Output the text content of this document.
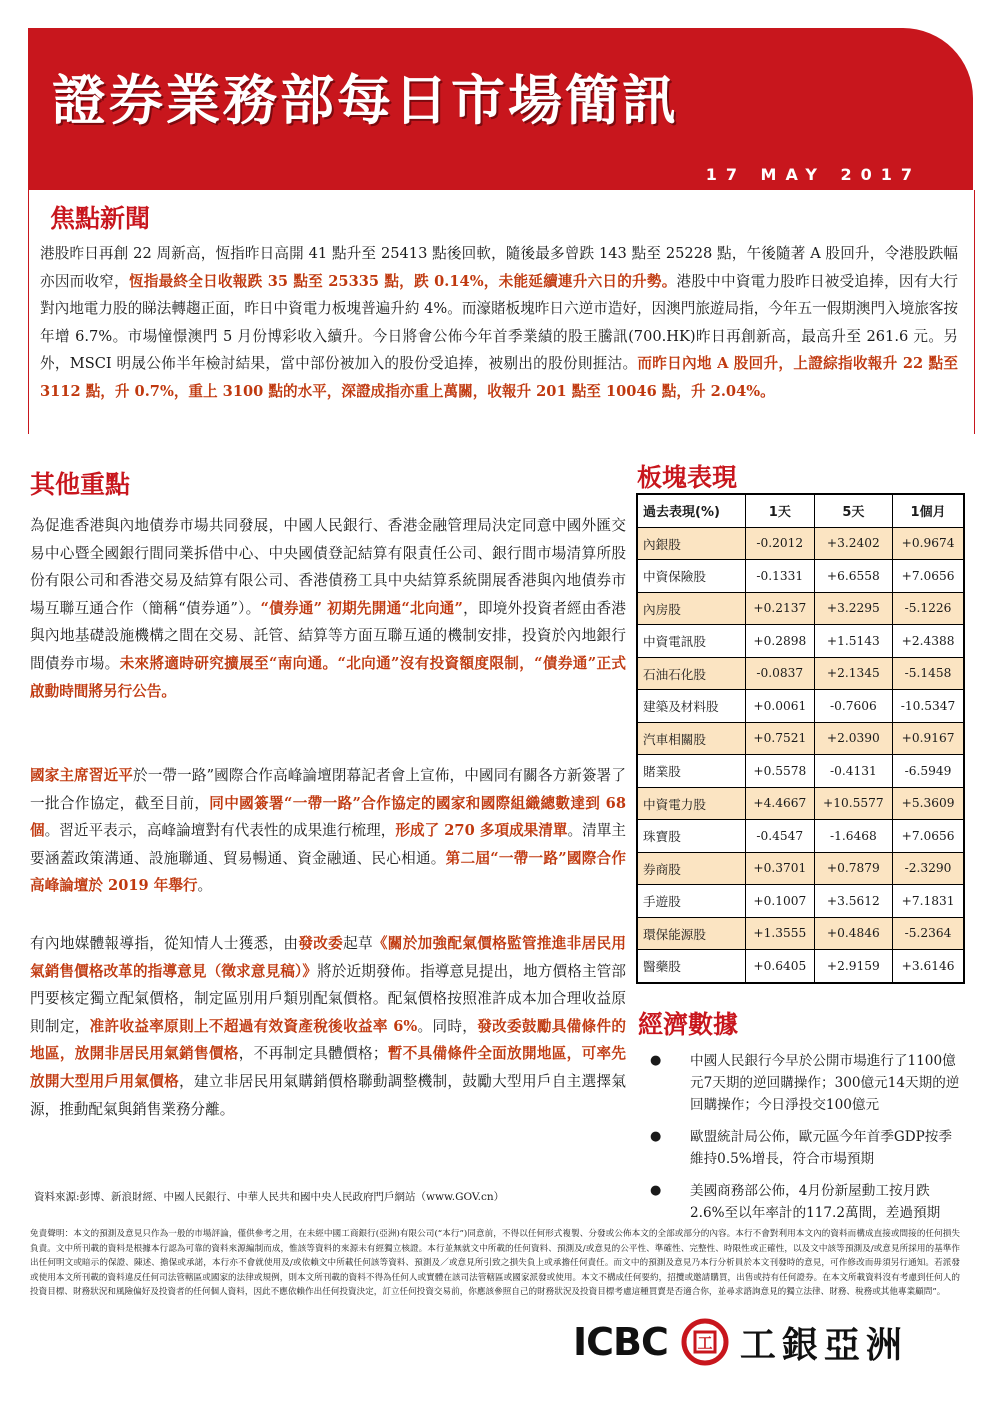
證券業務部每日市場簡訊
17 MAY 2017
焦點新聞
港股昨日再創 22 周新高，恆指昨日高開 41 點升至 25413 點後回軟，隨後最多曾跌 143 點至 25228 點，午後隨著 A 股回升，令港股跌幅亦因而收窄，恆指最終全日收報跌 35 點至 25335 點，跌 0.14%，未能延續連升六日的升勢。港股中中資電力股昨日被受追捧，因有大行對內地電力股的睇法轉趨正面，昨日中資電力板塊普遍升約 4%。而濠賭板塊昨日六逆市造好，因澳門旅遊局指，今年五一假期澳門入境旅客按年增 6.7%。市場憧憬澳門 5 月份博彩收入續升。今日將會公佈今年首季業績的股王騰訊(700.HK)昨日再創新高，最高升至 261.6 元。另外，MSCI 明晟公佈半年檢討結果，當中部份被加入的股份受追捧，被剔出的股份則捱沽。而昨日內地 A 股回升，上證綜指收報升 22 點至 3112 點，升 0.7%，重上 3100 點的水平，深證成指亦重上萬關，收報升 201 點至 10046 點，升 2.04%。
其他重點
為促進香港與內地債券市場共同發展，中國人民銀行、香港金融管理局決定同意中國外匯交易中心暨全國銀行間同業拆借中心、中央國債登記結算有限責任公司、銀行間市場清算所股份有限公司和香港交易及結算有限公司、香港債務工具中央結算系統開展香港與內地債券市場互聯互通合作（簡稱“債券通”）。“債券通” 初期先開通“北向通”，即境外投資者經由香港與內地基礎設施機構之間在交易、託管、結算等方面互聯互通的機制安排，投資於內地銀行間債券市場。未來將適時研究擴展至“南向通。“北向通”沒有投資額度限制，“債券通”正式啟動時間將另行公告。
國家主席習近平於一帶一路”國際合作高峰論壇閉幕記者會上宣佈，中國同有關各方新簽署了一批合作協定，截至目前，同中國簽署“一帶一路”合作協定的國家和國際組織總數達到 68 個。習近平表示，高峰論壇對有代表性的成果進行梳理，形成了 270 多項成果清單。清單主要涵蓋政策溝通、設施聯通、貿易暢通、資金融通、民心相通。第二屆“一帶一路”國際合作高峰論壇於 2019 年舉行。
有內地媒體報導指，從知情人士獲悉，由發改委起草《關於加強配氣價格監管推進非居民用氣銷售價格改革的指導意見（徵求意見稿）》將於近期發佈。指導意見提出，地方價格主管部門要核定獨立配氣價格，制定區別用戶類別配氣價格。配氣價格按照准許成本加合理收益原則制定，准許收益率原則上不超過有效資產稅後收益率 6%。同時，發改委鼓勵具備條件的地區，放開非居民用氣銷售價格，不再制定具體價格；暫不具備條件全面放開地區，可率先放開大型用戶用氣價格，建立非居民用氣購銷價格聯動調整機制，鼓勵大型用戶自主選擇氣源，推動配氣與銷售業務分離。
板塊表現
過去表現(%)	1天	5天	1個月
內銀股	-0.2012	+3.2402	+0.9674
中資保險股	-0.1331	+6.6558	+7.0656
內房股	+0.2137	+3.2295	-5.1226
中資電訊股	+0.2898	+1.5143	+2.4388
石油石化股	-0.0837	+2.1345	-5.1458
建築及材料股	+0.0061	-0.7606	-10.5347
汽車相關股	+0.7521	+2.0390	+0.9167
賭業股	+0.5578	-0.4131	-6.5949
中資電力股	+4.4667	+10.5577	+5.3609
珠寶股	-0.4547	-1.6468	+7.0656
券商股	+0.3701	+0.7879	-2.3290
手遊股	+0.1007	+3.5612	+7.1831
環保能源股	+1.3555	+0.4846	-5.2364
醫藥股	+0.6405	+2.9159	+3.6146
經濟數據
● 中國人民銀行今早於公開市場進行了1100億元7天期的逆回購操作；300億元14天期的逆回購操作；今日淨投交100億元
● 歐盟統計局公佈，歐元區今年首季GDP按季維持0.5%增長，符合市場預期
● 美國商務部公佈，4月份新屋動工按月跌2.6%至以年率計的117.2萬間，差過預期
資料來源:彭博、新浪財經、中國人民銀行、中華人民共和國中央人民政府門戶網站（www.GOV.cn）
免責聲明：本文的預測及意見只作為一般的市場評論，僅供參考之用，在未經中國工商銀行(亞洲)有限公司(“本行”)同意前，不得以任何形式複製、分發或公佈本文的全部或部分的內容。本行不會對利用本文內的資料而構成直接或間接的任何損失負責。文中所刊載的資料是根據本行認為可靠的資料來源編制而成，惟該等資料的來源未有經獨立核證。本行並無就文中所載的任何資料、預測及/或意見的公平性、準確性、完整性、時限性或正確性，以及文中該等預測及/或意見所採用的基準作出任何明文或暗示的保證、陳述、擔保或承諾，本行亦不會就使用及/或依賴文中所載任何該等資料、預測及／或意見所引致之損失負上或承擔任何責任。而文中的預測及意見乃本行分析員於本文刊發時的意見，可作修改而毋須另行通知。若派發或使用本文所刊載的資料違反任何司法管轄區或國家的法律或規例，則本文所刊載的資料不得為任何人或實體在該司法管轄區或國家派發或使用。本文不構成任何要約，招攬或邀請購買，出售或持有任何證券。在本文所載資料沒有考慮到任何人的投資目標、財務狀況和風險偏好及投資者的任何個人資料，因此不應依賴作出任何投資決定，訂立任何投資交易前，你應該參照自己的財務狀況及投資目標考慮這種買賣是否適合你，並尋求諮詢意見的獨立法律、財務、稅務或其他專業顧問”。
ICBC 工 工銀亞洲
